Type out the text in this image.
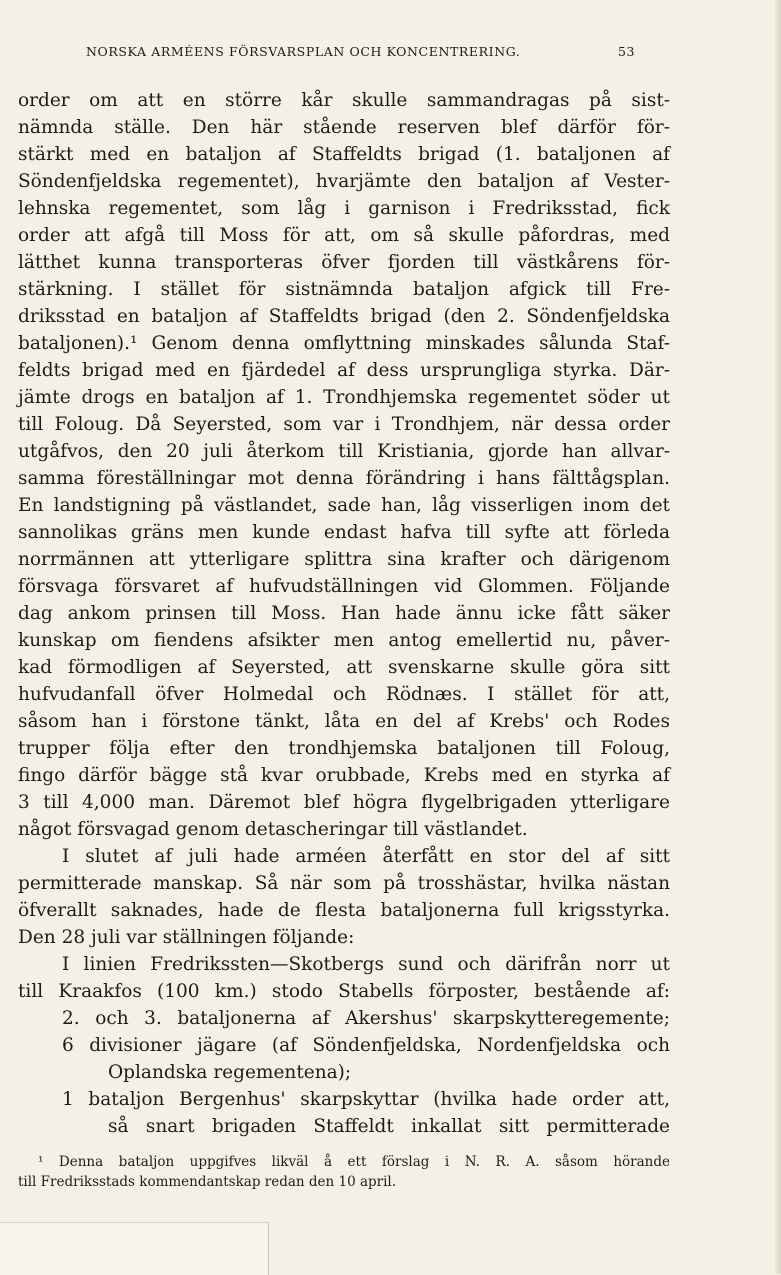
NORSKA ARMÉENS FÖRSVARSPLAN OCH KONCENTRERING.	53
order om att en större kår skulle sammandragas på sist-
nämnda ställe. Den här stående reserven blef därför för-
stärkt med en bataljon af Staffeldts brigad (1. bataljonen af
Söndenfjeldska regementet), hvarjämte den bataljon af Vester-
lehnska regementet, som låg i garnison i Fredriksstad, fick
order att afgå till Moss för att, om så skulle påfordras, med
lätthet kunna transporteras öfver fjorden till västkårens för-
stärkning. I stället för sistnämnda bataljon afgick till Fre-
driksstad en bataljon af Staffeldts brigad (den 2. Söndenfjeldska
bataljonen).¹ Genom denna omflyttning minskades sålunda Staf-
feldts brigad med en fjärdedel af dess ursprungliga styrka. Där-
jämte drogs en bataljon af 1. Trondhjemska regementet söder ut
till Foloug. Då Seyersted, som var i Trondhjem, när dessa order
utgåfvos, den 20 juli återkom till Kristiania, gjorde han allvar-
samma föreställningar mot denna förändring i hans fälttågsplan.
En landstigning på västlandet, sade han, låg visserligen inom det
sannolikas gräns men kunde endast hafva till syfte att förleda
norrmännen att ytterligare splittra sina krafter och därigenom
försvaga försvaret af hufvudställningen vid Glommen. Följande
dag ankom prinsen till Moss. Han hade ännu icke fått säker
kunskap om fiendens afsikter men antog emellertid nu, påver-
kad förmodligen af Seyersted, att svenskarne skulle göra sitt
hufvudanfall öfver Holmedal och Rödnæs. I stället för att,
såsom han i förstone tänkt, låta en del af Krebs' och Rodes
trupper följa efter den trondhjemska bataljonen till Foloug,
fingo därför bägge stå kvar orubbade, Krebs med en styrka af
3 till 4,000 man. Däremot blef högra flygelbrigaden ytterligare
något försvagad genom detascheringar till västlandet.
I slutet af juli hade arméen återfått en stor del af sitt
permitterade manskap. Så när som på trosshästar, hvilka nästan
öfverallt saknades, hade de flesta bataljonerna full krigsstyrka.
Den 28 juli var ställningen följande:
I linien Fredrikssten—Skotbergs sund och därifrån norr ut
till Kraakfos (100 km.) stodo Stabells förposter, bestående af:
2. och 3. bataljonerna af Akershus' skarpskytteregemente;
6 divisioner jägare (af Söndenfjeldska, Nordenfjeldska och
Oplandska regementena);
1 bataljon Bergenhus' skarpskyttar (hvilka hade order att,
så snart brigaden Staffeldt inkallat sitt permitterade
¹ Denna bataljon uppgifves likväl å ett förslag i N. R. A. såsom hörande
till Fredriksstads kommendantskap redan den 10 april.
